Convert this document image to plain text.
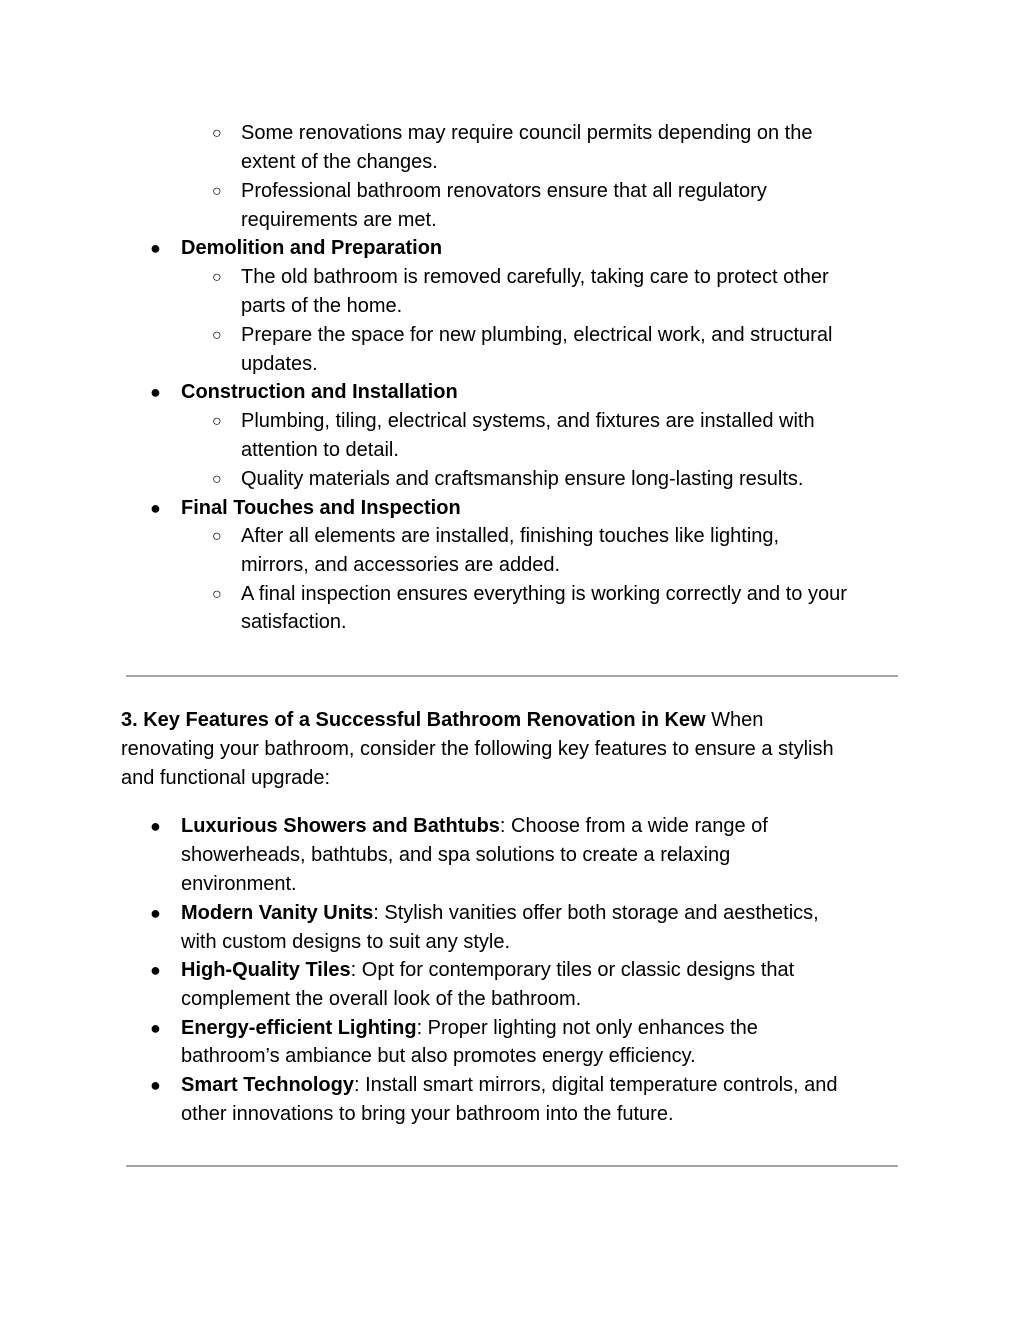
○ Some renovations may require council permits depending on the
extent of the changes.
○ Professional bathroom renovators ensure that all regulatory
requirements are met.
● Demolition and Preparation
○ The old bathroom is removed carefully, taking care to protect other
parts of the home.
○ Prepare the space for new plumbing, electrical work, and structural
updates.
● Construction and Installation
○ Plumbing, tiling, electrical systems, and fixtures are installed with
attention to detail.
○ Quality materials and craftsmanship ensure long-lasting results.
● Final Touches and Inspection
○ After all elements are installed, finishing touches like lighting,
mirrors, and accessories are added.
○ A final inspection ensures everything is working correctly and to your
satisfaction.
3. Key Features of a Successful Bathroom Renovation in Kew When
renovating your bathroom, consider the following key features to ensure a stylish
and functional upgrade:
● Luxurious Showers and Bathtubs: Choose from a wide range of
showerheads, bathtubs, and spa solutions to create a relaxing
environment.
● Modern Vanity Units: Stylish vanities offer both storage and aesthetics,
with custom designs to suit any style.
● High-Quality Tiles: Opt for contemporary tiles or classic designs that
complement the overall look of the bathroom.
● Energy-efficient Lighting: Proper lighting not only enhances the
bathroom’s ambiance but also promotes energy efficiency.
● Smart Technology: Install smart mirrors, digital temperature controls, and
other innovations to bring your bathroom into the future.
